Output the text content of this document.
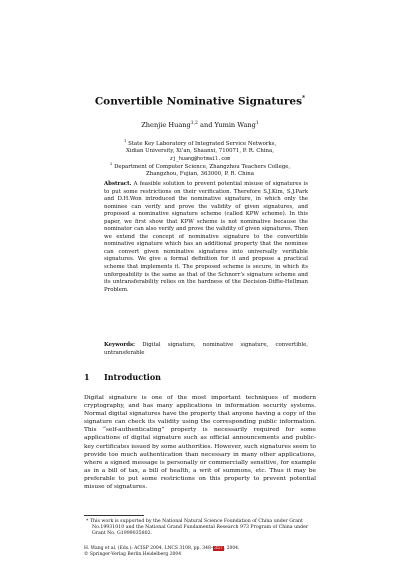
Convertible Nominative Signatures*
Zhenjie Huang$^{1,2}$ and Yumin Wang$^1$
$^1$ State Key Laboratory of Integrated Service Networks,
Xidian University, Xi’an, Shaanxi, 710071, P. R. China,
zj_huang@hotmail.com
$^2$ Department of Computer Science, Zhangzhou Teachers College,
Zhangzhou, Fujian, 363000, P. R. China
Abstract. A feasible solution to prevent potential misuse of signatures is to put some restrictions on their verification. Therefore S.J.Kim, S.J.Park and D.H.Won introduced the nominative signature, in which only the nominee can verify and prove the validity of given signatures, and proposed a nominative signature scheme (called KPW scheme). In this paper, we first show that KPW scheme is not nominative because the nominator can also verify and prove the validity of given signatures. Then we extend the concept of nominative signature to the convertible nominative signature which has an additional property that the nominee can convert given nominative signatures into universally verifiable signatures. We give a formal definition for it and propose a practical scheme that implements it. The proposed scheme is secure, in which its unforgeability is the same as that of the Schnorr’s signature scheme and its untransferability relies on the hardness of the Decision-Diffie-Hellman Problem.
Keywords: Digital signature, nominative signature, convertible, untransferable
1 Introduction
Digital signature is one of the most important techniques of modern cryptography, and has many applications in information security systems. Normal digital signatures have the property that anyone having a copy of the signature can check its validity using the corresponding public information. This “self-authenticating” property is necessarily required for some applications of digital signature such as official announcements and public-key certificates issued by some authorities. However, such signatures seem to provide too much authentication than necessary in many other applications, where a signed message is personally or commercially sensitive, for example as in a bill of tax, a bill of health, a writ of summons, etc. Thus it may be preferable to put some restrictions on this property to prevent potential misuse of signatures.
* This work is supported by the National Natural Science Foundation of China under Grant No.19931010 and the National Grand Fundamental Research 973 Program of China under Grant No. G1999035802.
H. Wang et al. (Eds.): ACISP 2004, LNCS 3108, pp. 348–357, 2004.
© Springer-Verlag Berlin Heidelberg 2004
